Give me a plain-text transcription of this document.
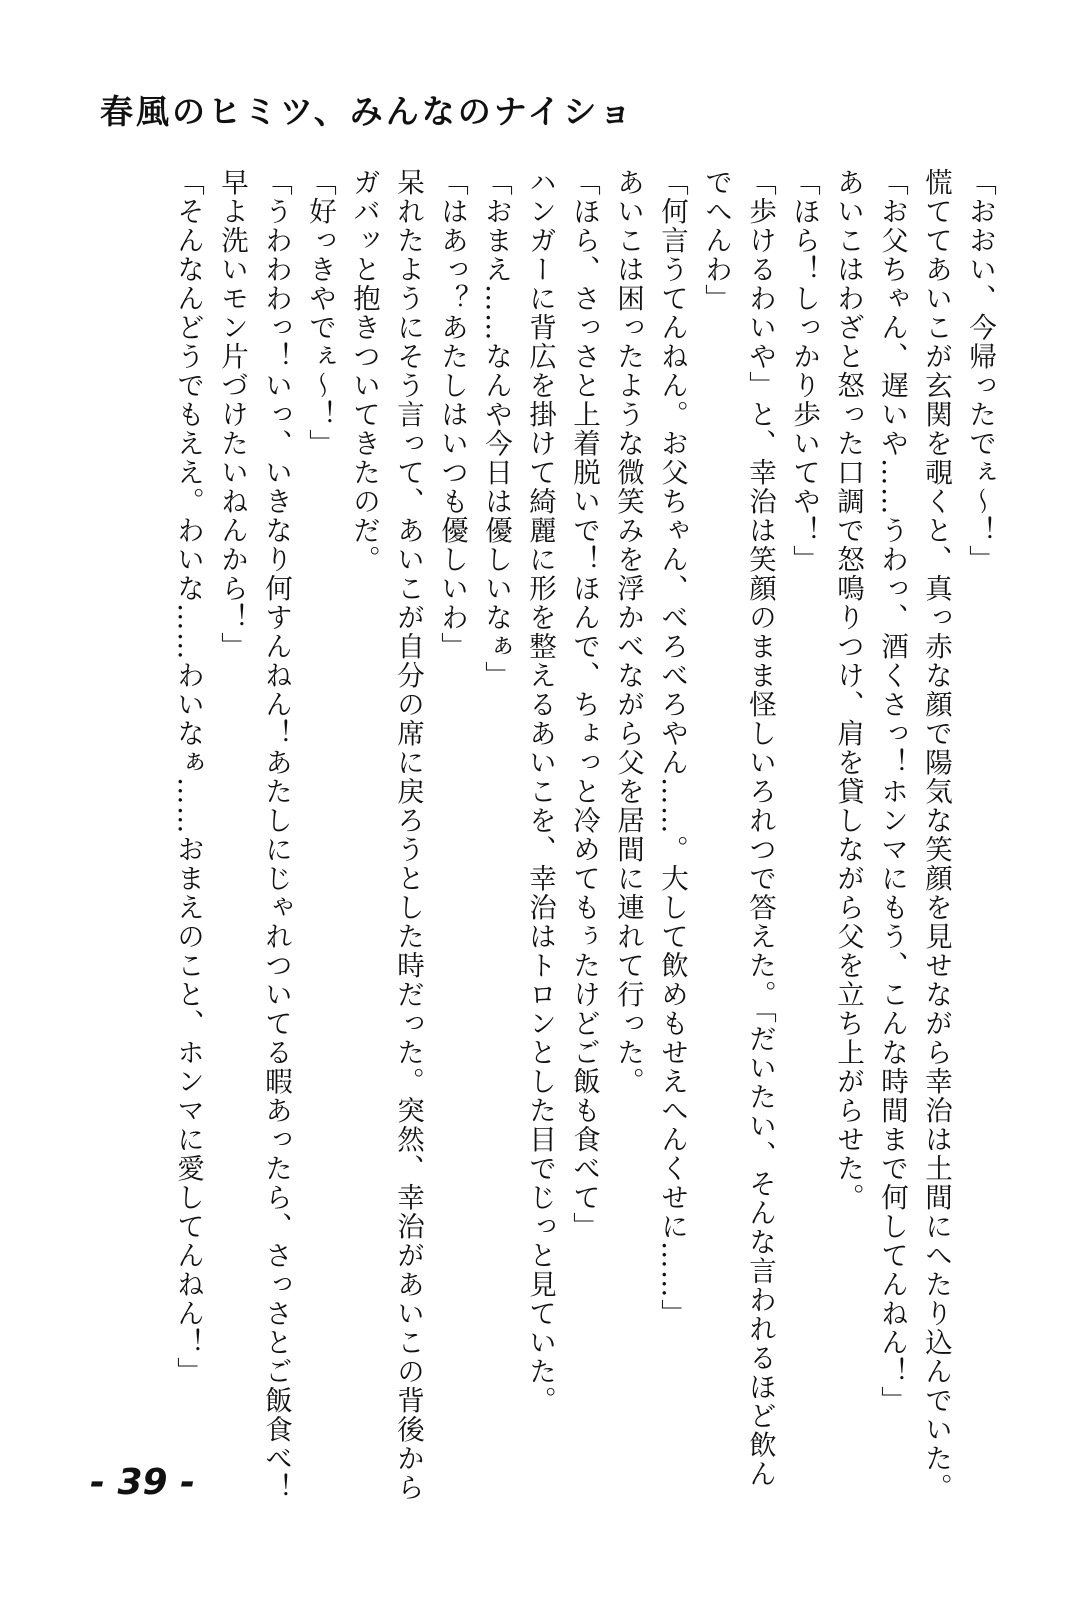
春風のヒミツ、みんなのナイショ

「おおい、今帰ったでぇ～！」

慌ててあいこが玄関を覗くと、真っ赤な顔で陽気な笑顔を見せながら幸治は土間にへたり込んでいた。

「お父ちゃん、遅いや……うわっ、酒くさっ！ホンマにもう、こんな時間まで何してんねん！」

あいこはわざと怒った口調で怒鳴りつけ、肩を貸しながら父を立ち上がらせた。

「ほら！しっかり歩いてや！」

「歩けるわいや」と、幸治は笑顔のまま怪しいろれつで答えた。「だいたい、そんな言われるほど飲んでへんわ」

「何言うてんねん。お父ちゃん、べろべろやん……。大して飲めもせえへんくせに……」

あいこは困ったような微笑みを浮かべながら父を居間に連れて行った。

「ほら、さっさと上着脱いで！ほんで、ちょっと冷めてもぅたけどご飯も食べて」

ハンガーに背広を掛けて綺麗に形を整えるあいこを、幸治はトロンとした目でじっと見ていた。

「おまえ……なんや今日は優しいなぁ」

「はあっ？あたしはいつも優しいわ」

呆れたようにそう言って、あいこが自分の席に戻ろうとした時だった。突然、幸治があいこの背後からガバッと抱きついてきたのだ。

「好っきやでぇ～！」

「うわわわっ！いっ、いきなり何すんねん！あたしにじゃれついてる暇あったら、さっさとご飯食べ！早よ洗いモン片づけたいねんから！」

「そんなんどうでもええ。わいな……わいなぁ……おまえのこと、ホンマに愛してんねん！」

- 39 -
